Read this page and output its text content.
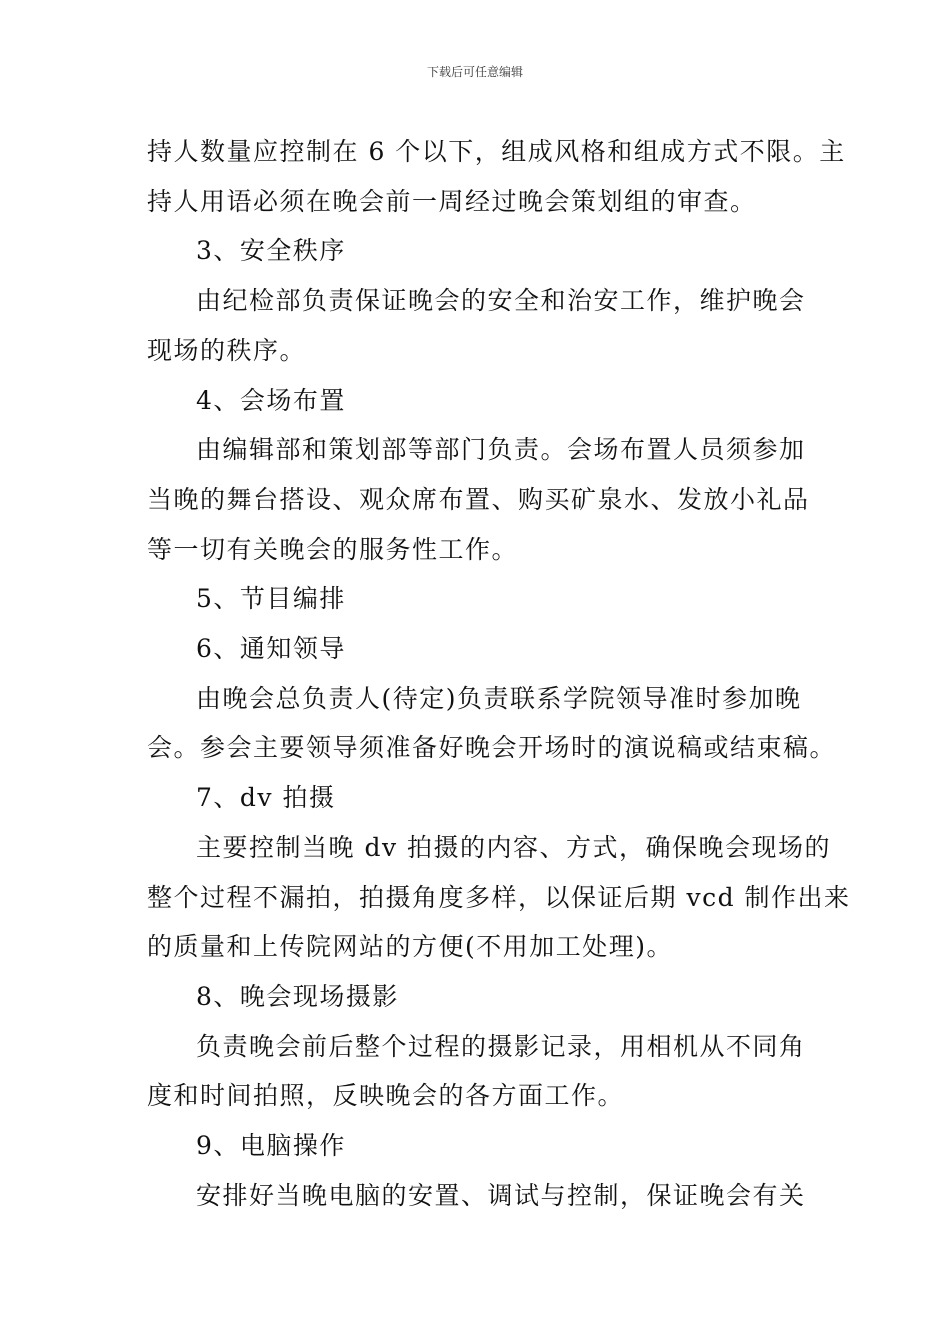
下载后可任意编辑

持人数量应控制在 6 个以下，组成风格和组成方式不限。主

持人用语必须在晚会前一周经过晚会策划组的审查。

3、安全秩序

由纪检部负责保证晚会的安全和治安工作，维护晚会

现场的秩序。

4、会场布置

由编辑部和策划部等部门负责。会场布置人员须参加

当晚的舞台搭设、观众席布置、购买矿泉水、发放小礼品

等一切有关晚会的服务性工作。

5、节目编排

6、通知领导

由晚会总负责人(待定)负责联系学院领导准时参加晚

会。参会主要领导须准备好晚会开场时的演说稿或结束稿。

7、dv 拍摄

主要控制当晚 dv 拍摄的内容、方式，确保晚会现场的

整个过程不漏拍，拍摄角度多样，以保证后期 vcd 制作出来

的质量和上传院网站的方便(不用加工处理)。

8、晚会现场摄影

负责晚会前后整个过程的摄影记录，用相机从不同角

度和时间拍照，反映晚会的各方面工作。

9、电脑操作

安排好当晚电脑的安置、调试与控制，保证晚会有关
